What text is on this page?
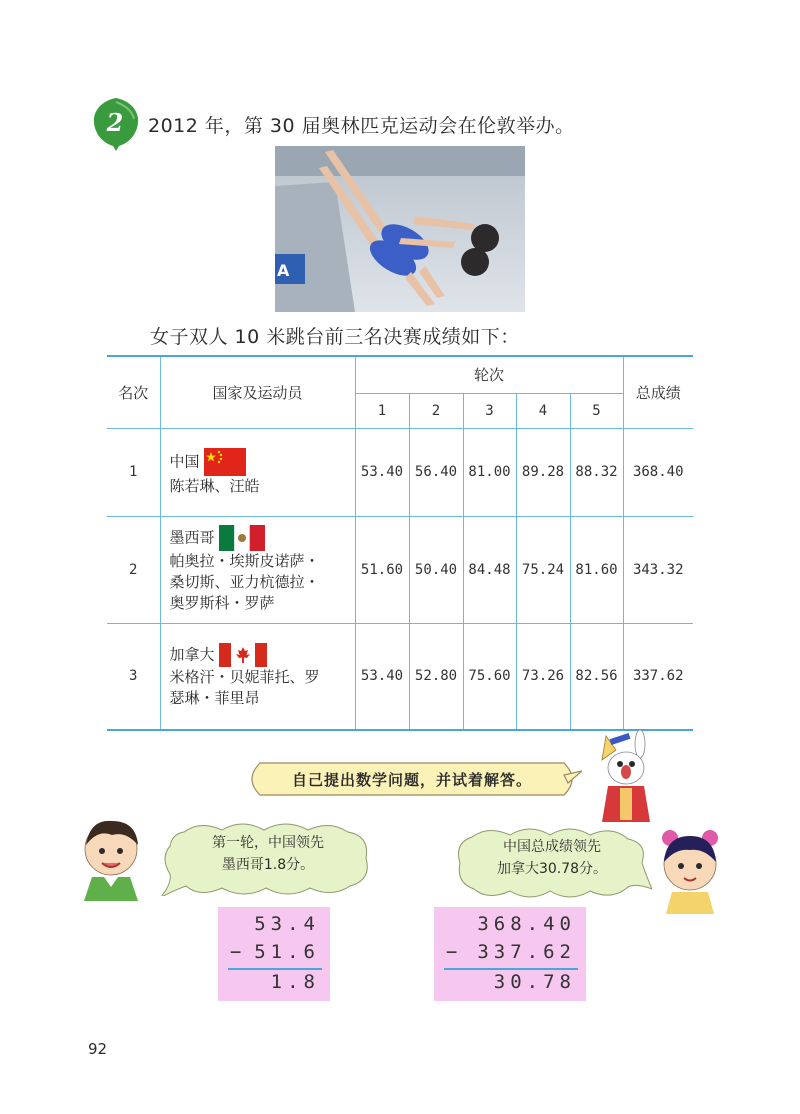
2	2012 年，第 30 届奥林匹克运动会在伦敦举办。
A
女子双人 10 米跳台前三名决赛成绩如下：
名次	国家及运动员	轮次					总成绩
		1	2	3	4	5	
1	中国
陈若琳、汪皓	53.40	56.40	81.00	89.28	88.32	368.40
2	墨西哥
帕奥拉・埃斯皮诺萨・
桑切斯、亚力杭德拉・
奥罗斯科・罗萨	51.60	50.40	84.48	75.24	81.60	343.32
3	加拿大
米格汗・贝妮菲托、罗
瑟琳・菲里昂	53.40	52.80	75.60	73.26	82.56	337.62
自己提出数学问题，并试着解答。
第一轮，中国领先
墨西哥1.8分。
中国总成绩领先
加拿大30.78分。
53.4
− 51.6
1.8
368.40
− 337.62
30.78
92
